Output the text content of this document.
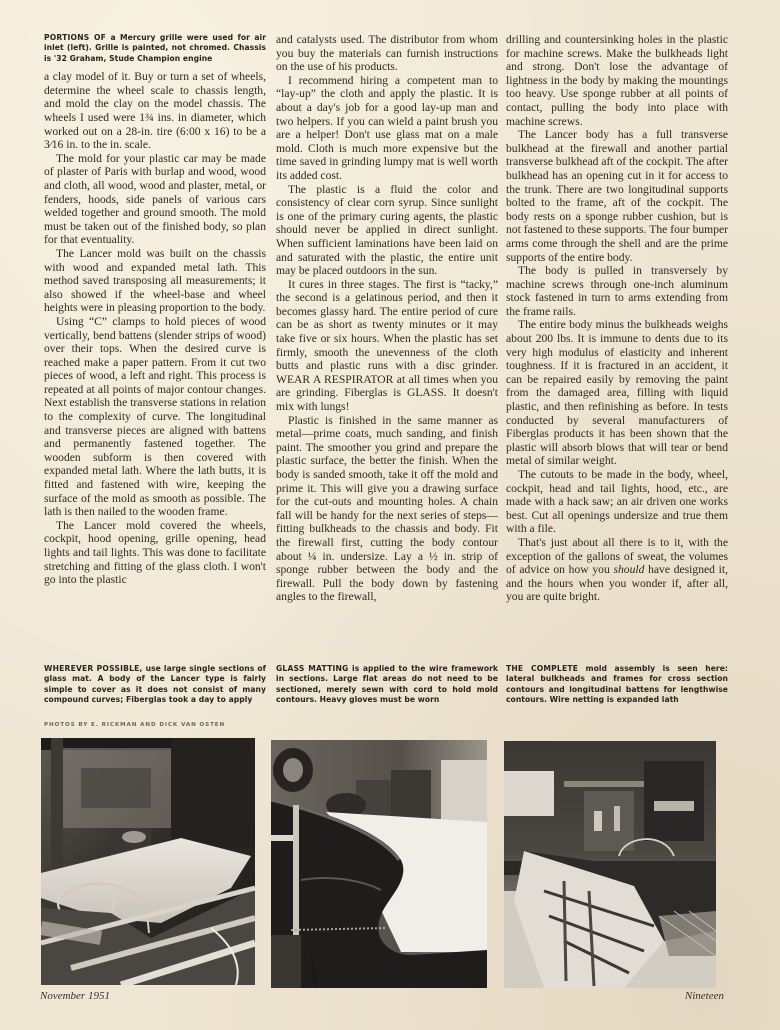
PORTIONS OF a Mercury grille were used for air inlet (left). Grille is painted, not chromed. Chassis is '32 Graham, Stude Champion engine

a clay model of it. Buy or turn a set of wheels, determine the wheel scale to chassis length, and mold the clay on the model chassis. The wheels I used were 1¾ ins. in diameter, which worked out on a 28-in. tire (6:00 x 16) to be a 3⁄16 in. to the in. scale.

The mold for your plastic car may be made of plaster of Paris with burlap and wood, wood and cloth, all wood, wood and plaster, metal, or fenders, hoods, side panels of various cars welded together and ground smooth. The mold must be taken out of the finished body, so plan for that eventuality.

The Lancer mold was built on the chassis with wood and expanded metal lath. This method saved transposing all measurements; it also showed if the wheel-base and wheel heights were in pleasing proportion to the body.

Using “C” clamps to hold pieces of wood vertically, bend battens (slender strips of wood) over their tops. When the desired curve is reached make a paper pattern. From it cut two pieces of wood, a left and right. This process is repeated at all points of major contour changes. Next establish the transverse stations in relation to the complexity of curve. The longitudinal and transverse pieces are aligned with battens and permanently fastened together. The wooden subform is then covered with expanded metal lath. Where the lath butts, it is fitted and fastened with wire, keeping the surface of the mold as smooth as possible. The lath is then nailed to the wooden frame.

The Lancer mold covered the wheels, cockpit, hood opening, grille opening, head lights and tail lights. This was done to facilitate stretching and fitting of the glass cloth. I won't go into the plastic

and catalysts used. The distributor from whom you buy the materials can furnish instructions on the use of his products.

I recommend hiring a competent man to “lay-up” the cloth and apply the plastic. It is about a day's job for a good lay-up man and two helpers. If you can wield a paint brush you are a helper! Don't use glass mat on a male mold. Cloth is much more expensive but the time saved in grinding lumpy mat is well worth its added cost.

The plastic is a fluid the color and consistency of clear corn syrup. Since sunlight is one of the primary curing agents, the plastic should never be applied in direct sunlight. When sufficient laminations have been laid on and saturated with the plastic, the entire unit may be placed outdoors in the sun.

It cures in three stages. The first is “tacky,” the second is a gelatinous period, and then it becomes glassy hard. The entire period of cure can be as short as twenty minutes or it may take five or six hours. When the plastic has set firmly, smooth the unevenness of the cloth butts and plastic runs with a disc grinder. WEAR A RESPIRATOR at all times when you are grinding. Fiberglas is GLASS. It doesn't mix with lungs!

Plastic is finished in the same manner as metal—prime coats, much sanding, and finish paint. The smoother you grind and prepare the plastic surface, the better the finish. When the body is sanded smooth, take it off the mold and prime it. This will give you a drawing surface for the cut-outs and mounting holes. A chain fall will be handy for the next series of steps—fitting bulkheads to the chassis and body. Fit the firewall first, cutting the body contour about ¼ in. undersize. Lay a ½ in. strip of sponge rubber between the body and the firewall. Pull the body down by fastening angles to the firewall,

drilling and countersinking holes in the plastic for machine screws. Make the bulkheads light and strong. Don't lose the advantage of lightness in the body by making the mountings too heavy. Use sponge rubber at all points of contact, pulling the body into place with machine screws.

The Lancer body has a full transverse bulkhead at the firewall and another partial transverse bulkhead aft of the cockpit. The after bulkhead has an opening cut in it for access to the trunk. There are two longitudinal supports bolted to the frame, aft of the cockpit. The body rests on a sponge rubber cushion, but is not fastened to these supports. The four bumper arms come through the shell and are the prime supports of the entire body.

The body is pulled in transversely by machine screws through one-inch aluminum stock fastened in turn to arms extending from the frame rails.

The entire body minus the bulkheads weighs about 200 lbs. It is immune to dents due to its very high modulus of elasticity and inherent toughness. If it is fractured in an accident, it can be repaired easily by removing the paint from the damaged area, filling with liquid plastic, and then refinishing as before. In tests conducted by several manufacturers of Fiberglas products it has been shown that the plastic will absorb blows that will tear or bend metal of similar weight.

The cutouts to be made in the body, wheel, cockpit, head and tail lights, hood, etc., are made with a hack saw; an air driven one works best. Cut all openings undersize and true them with a file.

That's just about all there is to it, with the exception of the gallons of sweat, the volumes of advice on how you should have designed it, and the hours when you wonder if, after all, you are quite bright.

WHEREVER POSSIBLE, use large single sections of glass mat. A body of the Lancer type is fairly simple to cover as it does not consist of many compound curves; Fiberglas took a day to apply
GLASS MATTING is applied to the wire framework in sections. Large flat areas do not need to be sectioned, merely sewn with cord to hold mold contours. Heavy gloves must be worn
THE COMPLETE mold assembly is seen here: lateral bulkheads and frames for cross section contours and longitudinal battens for lengthwise contours. Wire netting is expanded lath
PHOTOS BY E. RICKMAN AND DICK VAN OSTEN
November 1951	Nineteen
